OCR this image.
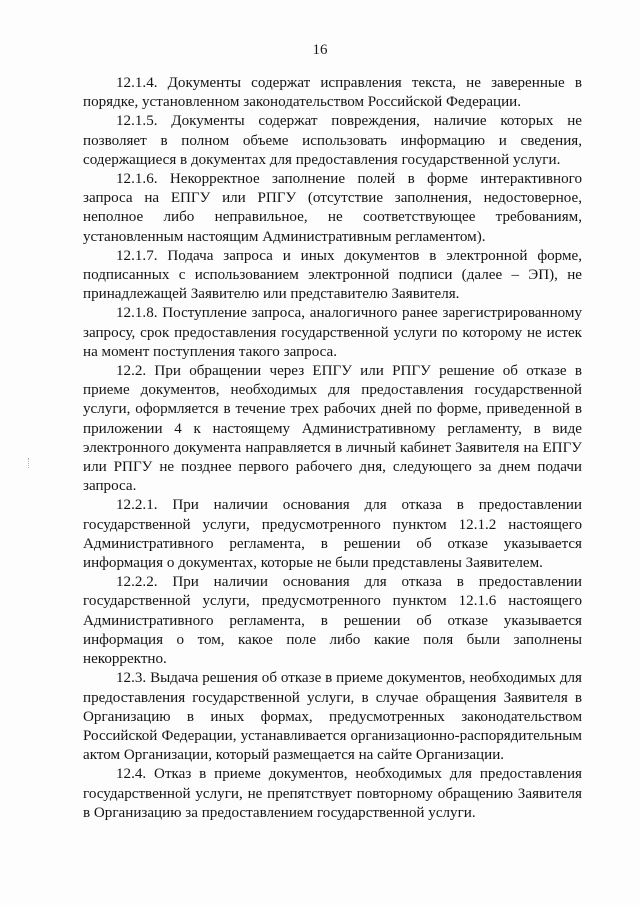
16

12.1.4. Документы содержат исправления текста, не заверенные в порядке, установленном законодательством Российской Федерации.

12.1.5. Документы содержат повреждения, наличие которых не позволяет в полном объеме использовать информацию и сведения, содержащиеся в документах для предоставления государственной услуги.

12.1.6. Некорректное заполнение полей в форме интерактивного запроса на ЕПГУ или РПГУ (отсутствие заполнения, недостоверное, неполное либо неправильное, не соответствующее требованиям, установленным настоящим Административным регламентом).

12.1.7. Подача запроса и иных документов в электронной форме, подписанных с использованием электронной подписи (далее – ЭП), не принадлежащей Заявителю или представителю Заявителя.

12.1.8. Поступление запроса, аналогичного ранее зарегистрированному запросу, срок предоставления государственной услуги по которому не истек на момент поступления такого запроса.

12.2. При обращении через ЕПГУ или РПГУ решение об отказе в приеме документов, необходимых для предоставления государственной услуги, оформляется в течение трех рабочих дней по форме, приведенной в приложении 4 к настоящему Административному регламенту, в виде электронного документа направляется в личный кабинет Заявителя на ЕПГУ или РПГУ не позднее первого рабочего дня, следующего за днем подачи запроса.

12.2.1. При наличии основания для отказа в предоставлении государственной услуги, предусмотренного пунктом 12.1.2 настоящего Административного регламента, в решении об отказе указывается информация о документах, которые не были представлены Заявителем.

12.2.2. При наличии основания для отказа в предоставлении государственной услуги, предусмотренного пунктом 12.1.6 настоящего Административного регламента, в решении об отказе указывается информация о том, какое поле либо какие поля были заполнены некорректно.

12.3. Выдача решения об отказе в приеме документов, необходимых для предоставления государственной услуги, в случае обращения Заявителя в Организацию в иных формах, предусмотренных законодательством Российской Федерации, устанавливается организационно-распорядительным актом Организации, который размещается на сайте Организации.

12.4. Отказ в приеме документов, необходимых для предоставления государственной услуги, не препятствует повторному обращению Заявителя в Организацию за предоставлением государственной услуги.
